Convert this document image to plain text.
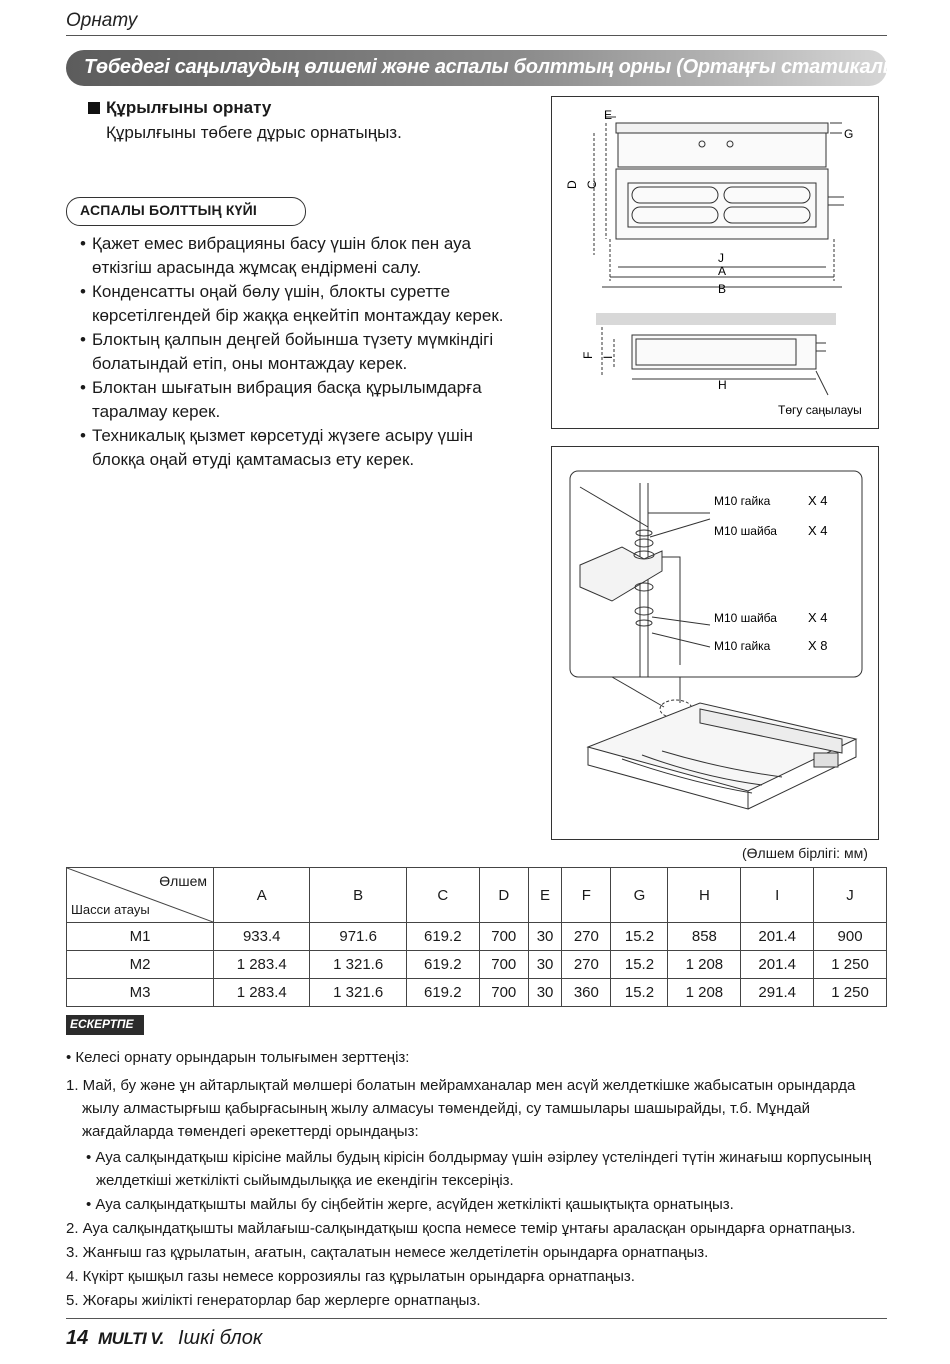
Орнату
Төбедегі саңылаудың өлшемі және аспалы болттың орны (Ортаңғы статикалық)
Құрылғыны орнату
Құрылғыны төбеге дұрыс орнатыңыз.
АСПАЛЫ БОЛТТЫҢ КҮЙІ
• Қажет емес вибрацияны басу үшін блок пен ауа өткізгіш арасында жұмсақ ендірмені салу.
• Конденсатты оңай бөлу үшін, блокты суретте көрсетілгендей бір жаққа еңкейтіп монтаждау керек.
• Блоктың қалпын деңгей бойынша түзету мүмкіндігі болатындай етіп, оны монтаждау керек.
• Блоктан шығатын вибрация басқа құрылымдарға таралмау керек.
• Техникалық қызмет көрсетуді жүзеге асыру үшін блокқа оңай өтуді қамтамасыз ету керек.
E
G
D C
J
A
B
F I
H
Төгу саңылауы
M10 гайка	X 4
M10 шайба X 4
M10 шайба X 4
M10 гайка	X 8
(Өлшем бірлігі: мм)
Өлшем
Шасси атауы	A	B	C	D	E	F	G	H	I	J
M1	933.4	971.6	619.2	700	30	270	15.2	858	201.4	900
M2	1 283.4	1 321.6	619.2	700	30	270	15.2	1 208	201.4	1 250
M3	1 283.4	1 321.6	619.2	700	30	360	15.2	1 208	291.4	1 250
ЕСКЕРТПЕ
• Келесі орнату орындарын толығымен зерттеңіз:
1. Май, бу және ұн айтарлықтай мөлшері болатын мейрамханалар мен асүй желдеткішке жабысатын орындарда жылу алмастырғыш қабырғасының жылу алмасуы төмендейді, су тамшылары шашырайды, т.б. Мұндай жағдайларда төмендегі әрекеттерді орындаңыз:
• Ауа салқындатқыш кірісіне майлы будың кірісін болдырмау үшін әзірлеу үстеліндегі түтін жинағыш корпусының желдеткіші жеткілікті сыйымдылыққа ие екендігін тексеріңіз.
• Ауа салқындатқышты майлы бу сіңбейтін жерге, асүйден жеткілікті қашықтықта орнатыңыз.
2. Ауа салқындатқышты майлағыш-салқындатқыш қоспа немесе темір ұнтағы араласқан орындарға орнатпаңыз.
3. Жанғыш газ құрылатын, ағатын, сақталатын немесе желдетілетін орындарға орнатпаңыз.
4. Күкірт қышқыл газы немесе коррозиялы газ құрылатын орындарға орнатпаңыз.
5. Жоғары жиілікті генераторлар бар жерлерге орнатпаңыз.
14 MULTI V. Ішкі блок
